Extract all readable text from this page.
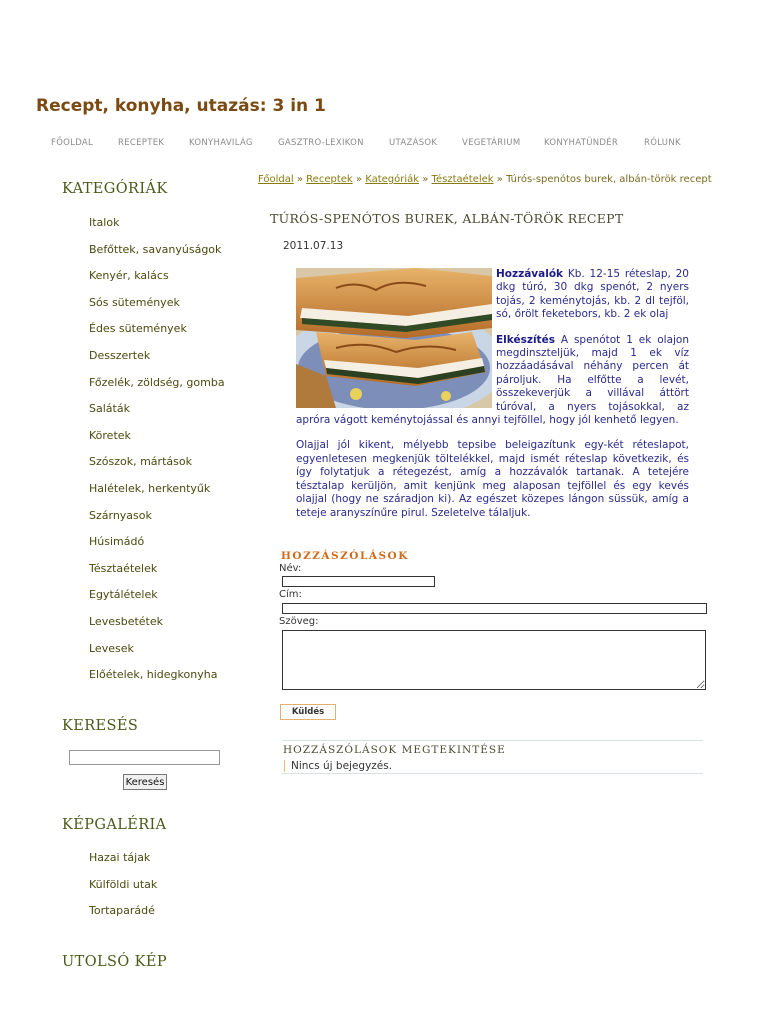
Recept, konyha, utazás: 3 in 1
FŐOLDAL	RECEPTEK	KONYHAVILÁG	GASZTRO-LEXIKON	UTAZÁSOK	VEGETÁRIUM	KONYHATÜNDÉR	RÓLUNK
KATEGÓRIÁK
Italok
Befőttek, savanyúságok
Kenyér, kalács
Sós sütemények
Édes sütemények
Desszertek
Főzelék, zöldség, gomba
Saláták
Köretek
Szószok, mártások
Halételek, herkentyűk
Szárnyasok
Húsimádó
Tésztaételek
Egytálételek
Levesbetétek
Levesek
Előételek, hidegkonyha
KERESÉS
Keresés
KÉPGALÉRIA
Hazai tájak
Külföldi utak
Tortaparádé
UTOLSÓ KÉP
Főoldal » Receptek » Kategóriák » Tésztaételek » Túrós-spenótos burek, albán-török recept
TÚRÓS-SPENÓTOS BUREK, ALBÁN-TÖRÖK RECEPT
2011.07.13

Hozzávalók Kb. 12-15 réteslap, 20 dkg túró, 30 dkg spenót, 2 nyers tojás, 2 keménytojás, kb. 2 dl tejföl, só, őrölt feketebors, kb. 2 ek olaj

Elkészítés A spenótot 1 ek olajon megdinszteljük, majd 1 ek víz hozzáadásával néhány percen át pároljuk. Ha elfőtte a levét, összekeverjük a villával áttört túróval, a nyers tojásokkal, az apróra vágott keménytojással és annyi tejföllel, hogy jól kenhető legyen.

Olajjal jól kikent, mélyebb tepsibe beleigazítunk egy-két réteslapot, egyenletesen megkenjük töltelékkel, majd ismét réteslap következik, és így folytatjuk a rétegezést, amíg a hozzávalók tartanak. A tetejére tésztalap kerüljön, amit kenjünk meg alaposan tejföllel és egy kevés olajjal (hogy ne száradjon ki). Az egészet közepes lángon süssük, amíg a teteje aranyszínűre pirul. Szeletelve tálaljuk.

HOZZÁSZÓLÁSOK
Név:
Cím:
Szöveg:
Küldés
HOZZÁSZÓLÁSOK MEGTEKINTÉSE
Nincs új bejegyzés.
